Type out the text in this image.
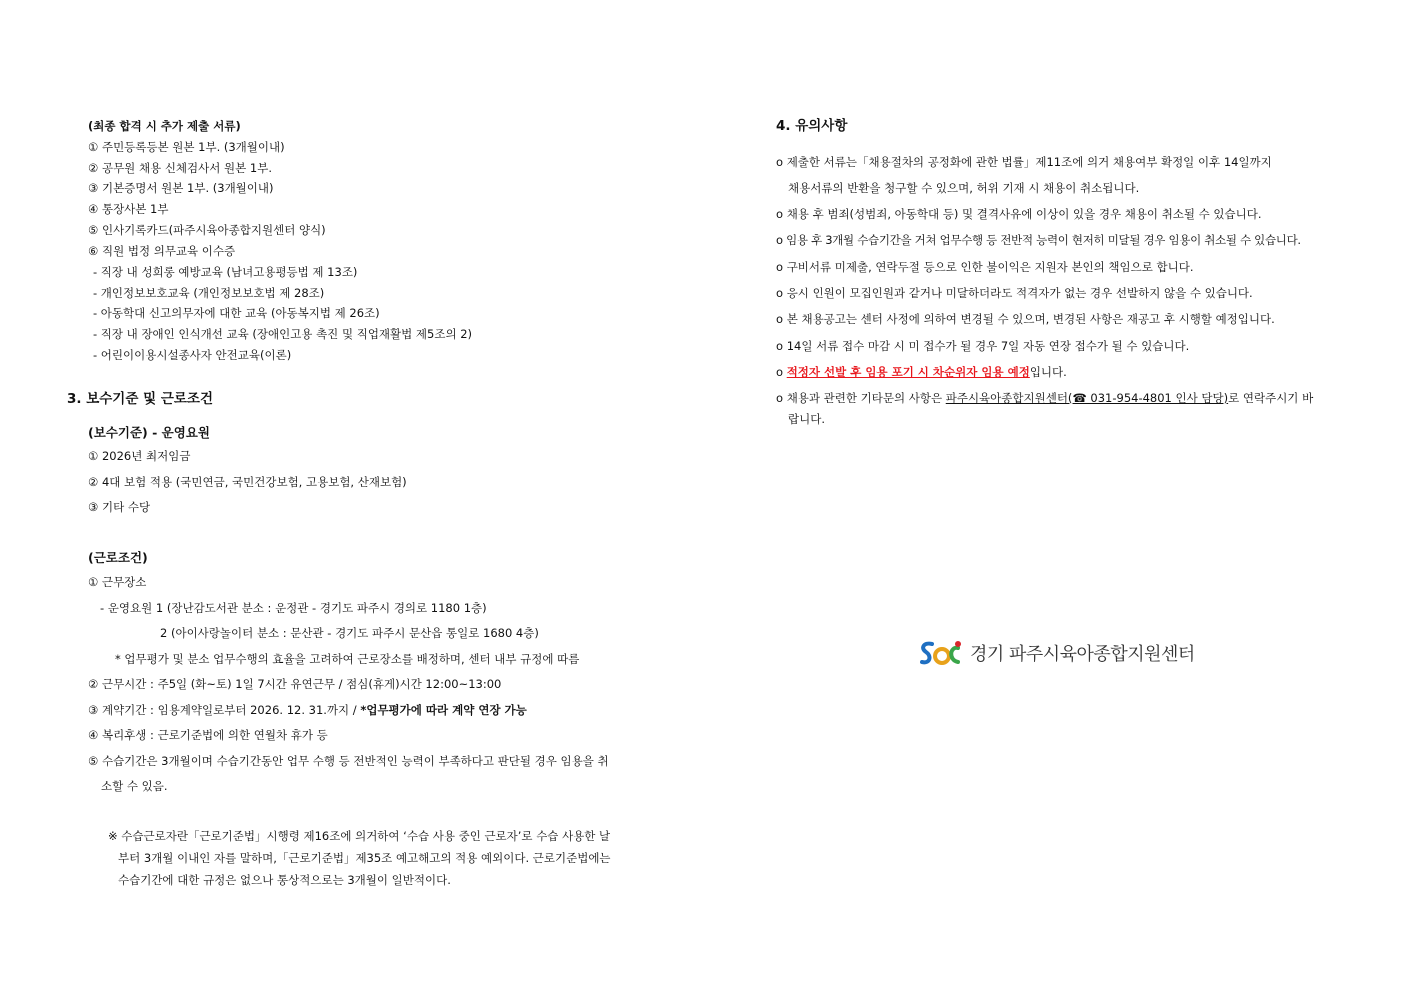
(최종 합격 시 추가 제출 서류)
① 주민등록등본 원본 1부. (3개월이내)
② 공무원 채용 신체검사서 원본 1부.
③ 기본증명서 원본 1부. (3개월이내)
④ 통장사본 1부
⑤ 인사기록카드(파주시육아종합지원센터 양식)
⑥ 직원 법정 의무교육 이수증
- 직장 내 성희롱 예방교육 (남녀고용평등법 제 13조)
- 개인정보보호교육 (개인정보보호법 제 28조)
- 아동학대 신고의무자에 대한 교육 (아동복지법 제 26조)
- 직장 내 장애인 인식개선 교육 (장애인고용 촉진 및 직업재활법 제5조의 2)
- 어린이이용시설종사자 안전교육(이론)
3. 보수기준 및 근로조건
(보수기준) - 운영요원
① 2026년 최저임금
② 4대 보험 적용 (국민연금, 국민건강보험, 고용보험, 산재보험)
③ 기타 수당
(근로조건)
① 근무장소
- 운영요원 1 (장난감도서관 분소 : 운정관 - 경기도 파주시 경의로 1180 1층)
2 (아이사랑놀이터 분소 : 문산관 - 경기도 파주시 문산읍 통일로 1680 4층)
* 업무평가 및 분소 업무수행의 효율을 고려하여 근로장소를 배정하며, 센터 내부 규정에 따름
② 근무시간 : 주5일 (화~토) 1일 7시간 유연근무 / 점심(휴게)시간 12:00~13:00
③ 계약기간 : 임용계약일로부터 2026. 12. 31.까지 / *업무평가에 따라 계약 연장 가능
④ 복리후생 : 근로기준법에 의한 연월차 휴가 등
⑤ 수습기간은 3개월이며 수습기간동안 업무 수행 등 전반적인 능력이 부족하다고 판단될 경우 임용을 취
소할 수 있음.
※ 수습근로자란「근로기준법」시행령 제16조에 의거하여 ‘수습 사용 중인 근로자’로 수습 사용한 날
부터 3개월 이내인 자를 말하며,「근로기준법」제35조 예고해고의 적용 예외이다. 근로기준법에는
수습기간에 대한 규정은 없으나 통상적으로는 3개월이 일반적이다.
4. 유의사항
o 제출한 서류는「채용절차의 공정화에 관한 법률」제11조에 의거 채용여부 확정일 이후 14일까지
채용서류의 반환을 청구할 수 있으며, 허위 기재 시 채용이 취소됩니다.
o 채용 후 범죄(성범죄, 아동학대 등) 및 결격사유에 이상이 있을 경우 채용이 취소될 수 있습니다.
o 임용 후 3개월 수습기간을 거쳐 업무수행 등 전반적 능력이 현저히 미달될 경우 임용이 취소될 수 있습니다.
o 구비서류 미제출, 연락두절 등으로 인한 불이익은 지원자 본인의 책임으로 합니다.
o 응시 인원이 모집인원과 같거나 미달하더라도 적격자가 없는 경우 선발하지 않을 수 있습니다.
o 본 채용공고는 센터 사정에 의하여 변경될 수 있으며, 변경된 사항은 재공고 후 시행할 예정입니다.
o 14일 서류 접수 마감 시 미 접수가 될 경우 7일 자동 연장 접수가 될 수 있습니다.
o 적정자 선발 후 임용 포기 시 차순위자 임용 예정입니다.
o 채용과 관련한 기타문의 사항은 파주시육아종합지원센터(☎ 031-954-4801 인사 담당)로 연락주시기 바
랍니다.
경기 파주시육아종합지원센터
